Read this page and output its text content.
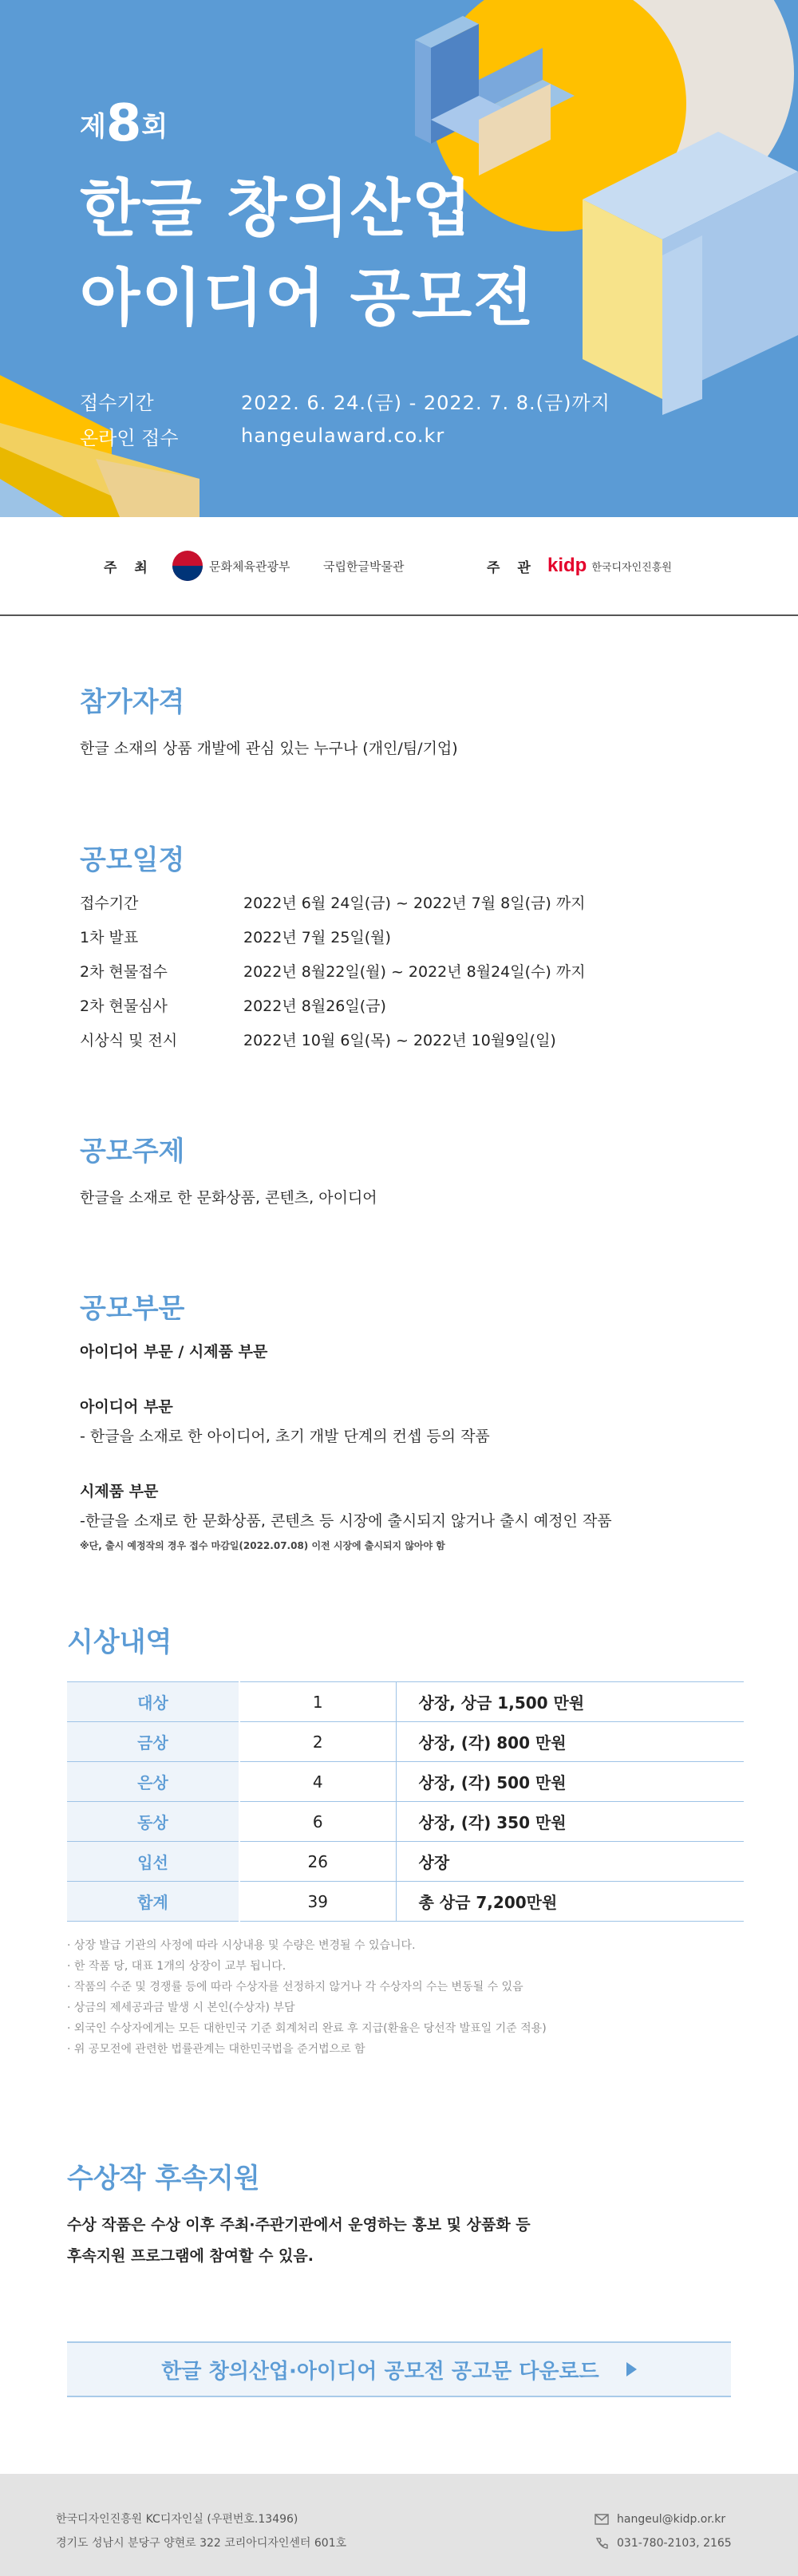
제8회
한글 창의산업
아이디어 공모전
접수기간	2022. 6. 24.(금) - 2022. 7. 8.(금)까지
온라인 접수	hangeulaward.co.kr
주 최	문화체육관광부	국립한글박물관	주 관 kidp 한국디자인진흥원
참가자격
한글 소재의 상품 개발에 관심 있는 누구나 (개인/팀/기업)
공모일정
접수기간	2022년 6월 24일(금) ~ 2022년 7월 8일(금) 까지
1차 발표	2022년 7월 25일(월)
2차 현물접수	2022년 8월22일(월) ~ 2022년 8월24일(수) 까지
2차 현물심사	2022년 8월26일(금)
시상식 및 전시	2022년 10월 6일(목) ~ 2022년 10월9일(일)
공모주제
한글을 소재로 한 문화상품, 콘텐츠, 아이디어
공모부문
아이디어 부문 / 시제품 부문
아이디어 부문
- 한글을 소재로 한 아이디어, 초기 개발 단계의 컨셉 등의 작품
시제품 부문
-한글을 소재로 한 문화상품, 콘텐츠 등 시장에 출시되지 않거나 출시 예정인 작품
※단, 출시 예정작의 경우 접수 마감일(2022.07.08) 이전 시장에 출시되지 않아야 함
시상내역
대상	1	상장, 상금 1,500 만원
금상	2	상장, (각) 800 만원
은상	4	상장, (각) 500 만원
동상	6	상장, (각) 350 만원
입선	26	상장
합계	39	총 상금 7,200만원
· 상장 발급 기관의 사정에 따라 시상내용 및 수량은 변경될 수 있습니다.
· 한 작품 당, 대표 1개의 상장이 교부 됩니다.
· 작품의 수준 및 경쟁률 등에 따라 수상자를 선정하지 않거나 각 수상자의 수는 변동될 수 있음
· 상금의 제세공과금 발생 시 본인(수상자) 부담
· 외국인 수상자에게는 모든 대한민국 기준 회계처리 완료 후 지급(환율은 당선작 발표일 기준 적용)
· 위 공모전에 관련한 법률관계는 대한민국법을 준거법으로 함
수상작 후속지원
수상 작품은 수상 이후 주최·주관기관에서 운영하는 홍보 및 상품화 등
후속지원 프로그램에 참여할 수 있음.
한글 창의산업·아이디어 공모전 공고문 다운로드
한국디자인진흥원 KC디자인실 (우편번호.13496)
경기도 성남시 분당구 양현로 322 코리아디자인센터 601호
hangeul@kidp.or.kr
031-780-2103, 2165
